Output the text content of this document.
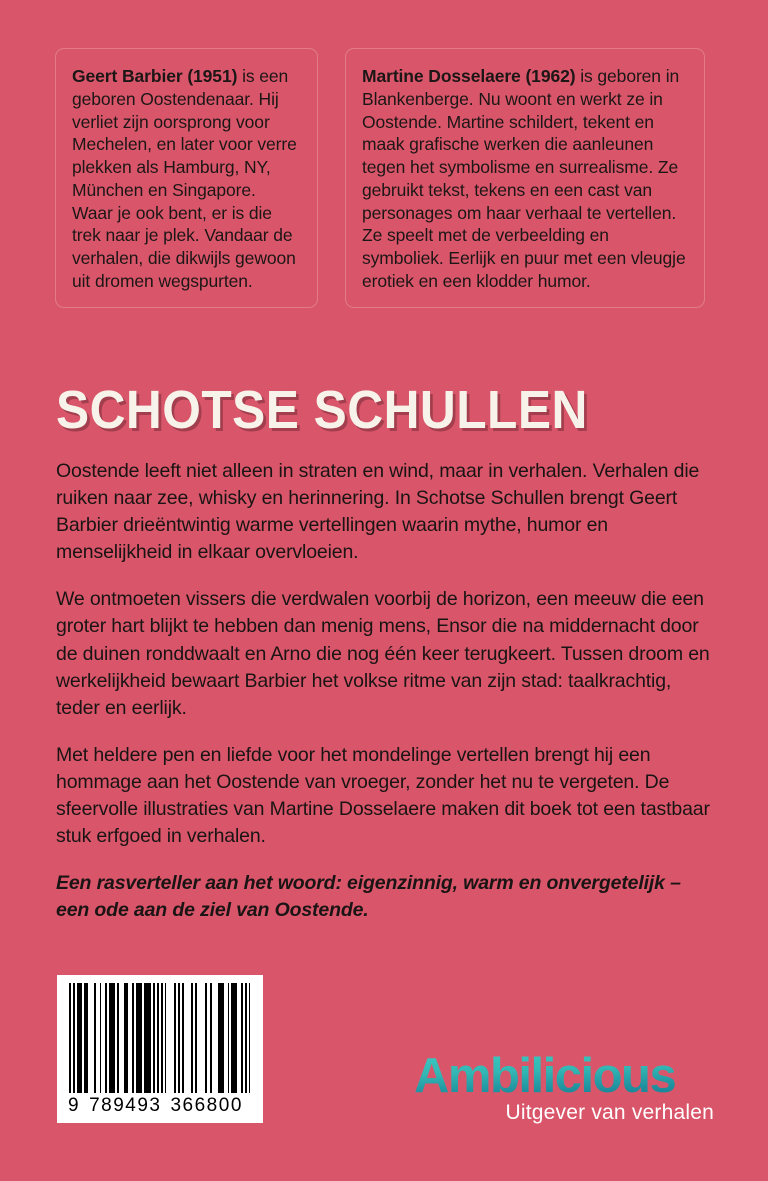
Geert Barbier (1951) is een geboren Oostendenaar. Hij verliet zijn oorsprong voor Mechelen, en later voor verre plekken als Hamburg, NY, München en Singapore. Waar je ook bent, er is die trek naar je plek. Vandaar de verhalen, die dikwijls gewoon uit dromen wegspurten.
Martine Dosselaere (1962) is geboren in Blankenberge. Nu woont en werkt ze in Oostende. Martine schildert, tekent en maak grafische werken die aanleunen tegen het symbolisme en surrealisme. Ze gebruikt tekst, tekens en een cast van personages om haar verhaal te vertellen. Ze speelt met de verbeelding en symboliek. Eerlijk en puur met een vleugje erotiek en een klodder humor.
SCHOTSE SCHULLEN

Oostende leeft niet alleen in straten en wind, maar in verhalen. Verhalen die ruiken naar zee, whisky en herinnering. In Schotse Schullen brengt Geert Barbier drieëntwintig warme vertellingen waarin mythe, humor en menselijkheid in elkaar overvloeien.

We ontmoeten vissers die verdwalen voorbij de horizon, een meeuw die een groter hart blijkt te hebben dan menig mens, Ensor die na middernacht door de duinen ronddwaalt en Arno die nog één keer terugkeert. Tussen droom en werkelijkheid bewaart Barbier het volkse ritme van zijn stad: taalkrachtig, teder en eerlijk.

Met heldere pen en liefde voor het mondelinge vertellen brengt hij een hommage aan het Oostende van vroeger, zonder het nu te vergeten. De sfeervolle illustraties van Martine Dosselaere maken dit boek tot een tastbaar stuk erfgoed in verhalen.

Een rasverteller aan het woord: eigenzinnig, warm en onvergetelijk – een ode aan de ziel van Oostende.

9 789493 366800
Ambilicious
Uitgever van verhalen
